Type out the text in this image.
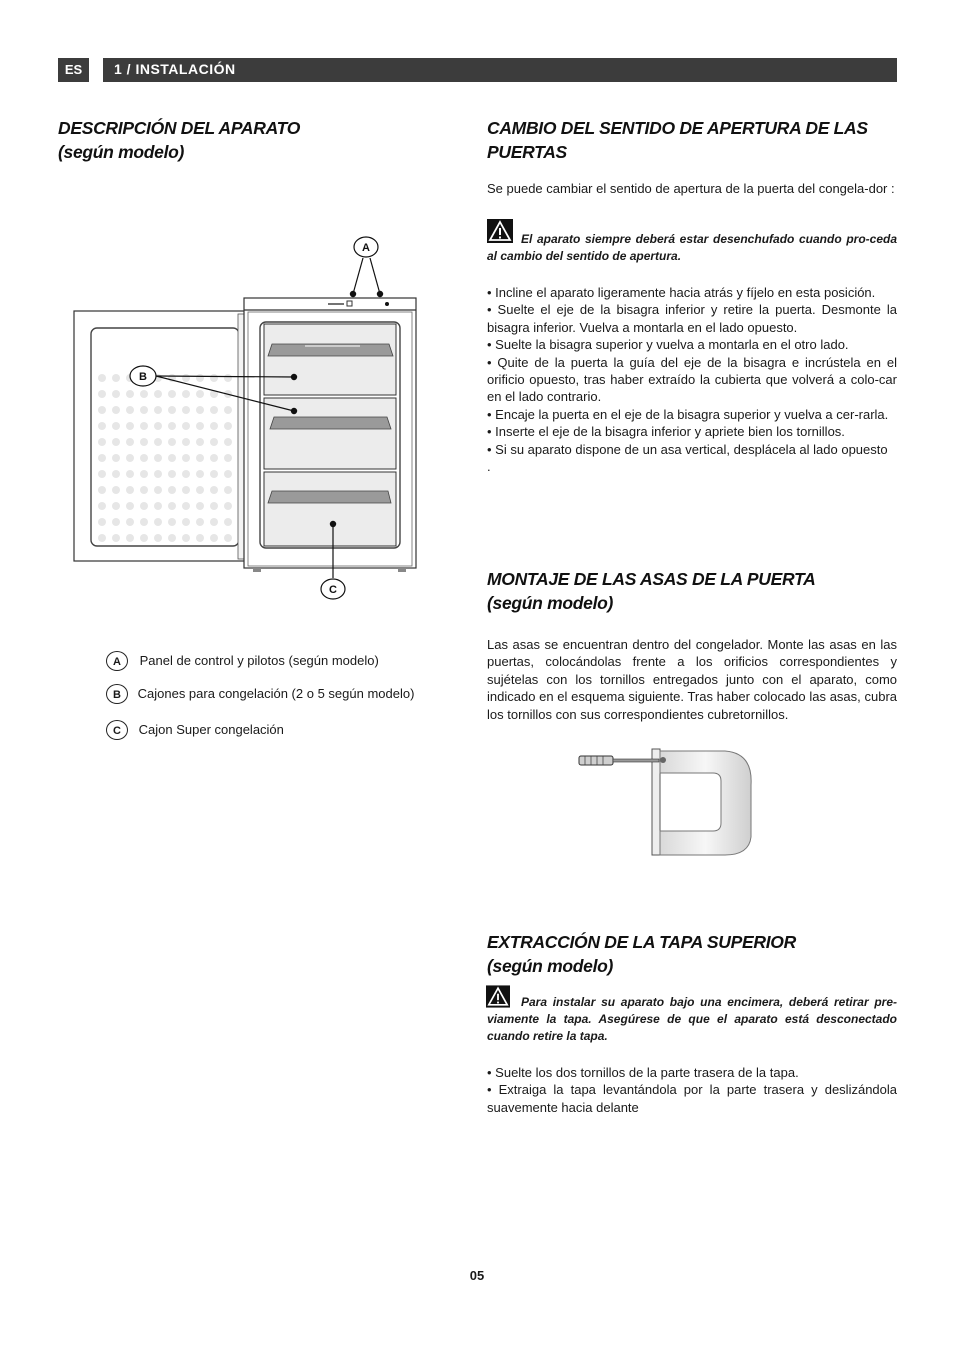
ES	1 / INSTALACIÓN
DESCRIPCIÓN DEL APARATO
(según modelo)
A
B
C
A Panel de control y pilotos (según modelo)
B Cajones para congelación (2 o 5 según modelo)
C Cajon Super congelación
CAMBIO DEL SENTIDO DE APERTURA DE LAS
PUERTAS
Se puede cambiar el sentido de apertura de la puerta del congela-dor :
El aparato siempre deberá estar desenchufado cuando pro-ceda al cambio del sentido de apertura.

• Incline el aparato ligeramente hacia atrás y fíjelo en esta posición.

• Suelte el eje de la bisagra inferior y retire la puerta. Desmonte la bisagra inferior. Vuelva a montarla en el lado opuesto.

• Suelte la bisagra superior y vuelva a montarla en el otro lado.

• Quite de la puerta la guía del eje de la bisagra e incrústela en el orificio opuesto, tras haber extraído la cubierta que volverá a colo-car en el lado contrario.

• Encaje la puerta en el eje de la bisagra superior y vuelva a cer-rarla.

• Inserte el eje de la bisagra inferior y apriete bien los tornillos.

• Si su aparato dispone de un asa vertical, desplácela al lado opuesto

.

MONTAJE DE LAS ASAS DE LA PUERTA
(según modelo)
Las asas se encuentran dentro del congelador. Monte las asas en las puertas, colocándolas frente a los orificios correspondientes y sujételas con los tornillos entregados junto con el aparato, como indicado en el esquema siguiente. Tras haber colocado las asas, cubra los tornillos con sus correspondientes cubretornillos.
EXTRACCIÓN DE LA TAPA SUPERIOR
(según modelo)
Para instalar su aparato bajo una encimera, deberá retirar pre-viamente la tapa. Asegúrese de que el aparato está desconectado cuando retire la tapa.

• Suelte los dos tornillos de la parte trasera de la tapa.

• Extraiga la tapa levantándola por la parte trasera y deslizándola suavemente hacia delante

05
